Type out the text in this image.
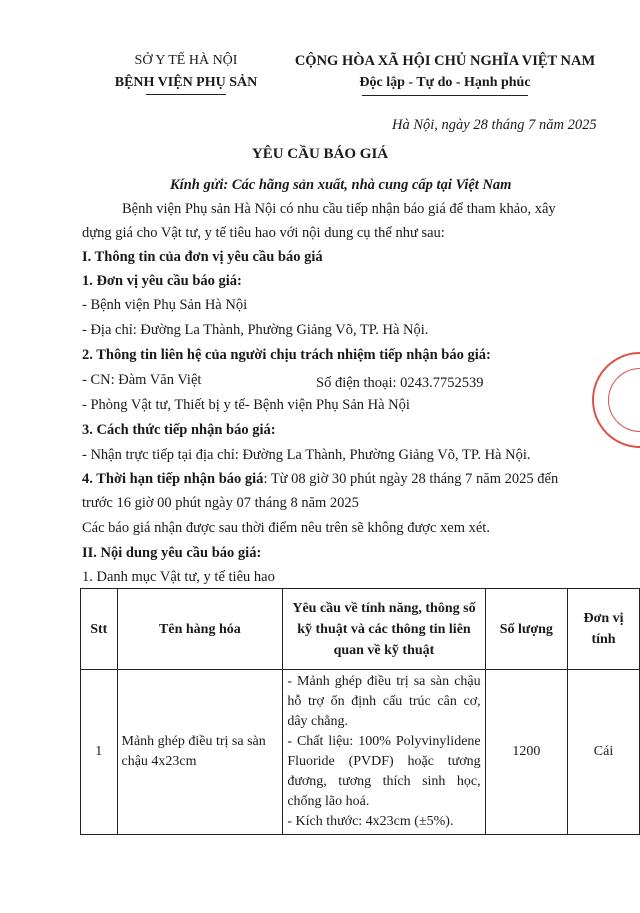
SỞ Y TẾ HÀ NỘI
BỆNH VIỆN PHỤ SẢN
CỘNG HÒA XÃ HỘI CHỦ NGHĨA VIỆT NAM
Độc lập - Tự do - Hạnh phúc
Hà Nội, ngày 28 tháng 7 năm 2025
YÊU CẦU BÁO GIÁ
Kính gửi: Các hãng sản xuất, nhà cung cấp tại Việt Nam
Bệnh viện Phụ sản Hà Nội có nhu cầu tiếp nhận báo giá để tham khảo, xây
dựng giá cho Vật tư, y tế tiêu hao với nội dung cụ thể như sau:
I. Thông tin của đơn vị yêu cầu báo giá
1. Đơn vị yêu cầu báo giá:
- Bệnh viện Phụ Sản Hà Nội
- Địa chỉ: Đường La Thành, Phường Giảng Võ, TP. Hà Nội.
2. Thông tin liên hệ của người chịu trách nhiệm tiếp nhận báo giá:
- CN: Đàm Văn Việt	Số điện thoại: 0243.7752539
- Phòng Vật tư, Thiết bị y tế- Bệnh viện Phụ Sản Hà Nội
3. Cách thức tiếp nhận báo giá:
- Nhận trực tiếp tại địa chỉ: Đường La Thành, Phường Giảng Võ, TP. Hà Nội.
4. Thời hạn tiếp nhận báo giá: Từ 08 giờ 30 phút ngày 28 tháng 7 năm 2025 đến
trước 16 giờ 00 phút ngày 07 tháng 8 năm 2025
Các báo giá nhận được sau thời điểm nêu trên sẽ không được xem xét.
II. Nội dung yêu cầu báo giá:
1. Danh mục Vật tư, y tế tiêu hao
Stt	Tên hàng hóa	Yêu cầu về tính năng, thông số kỹ thuật và các thông tin liên quan về kỹ thuật	Số lượng	Đơn vị tính
1	Mảnh ghép điều trị sa sàn chậu 4x23cm	- Mảnh ghép điều trị sa sàn chậu hỗ trợ ổn định cấu trúc cân cơ, dây chằng.
- Chất liệu: 100% Polyvinylidene Fluoride (PVDF) hoặc tương đương, tương thích sinh học, chống lão hoá.
- Kích thước: 4x23cm (±5%).	1200	Cái
